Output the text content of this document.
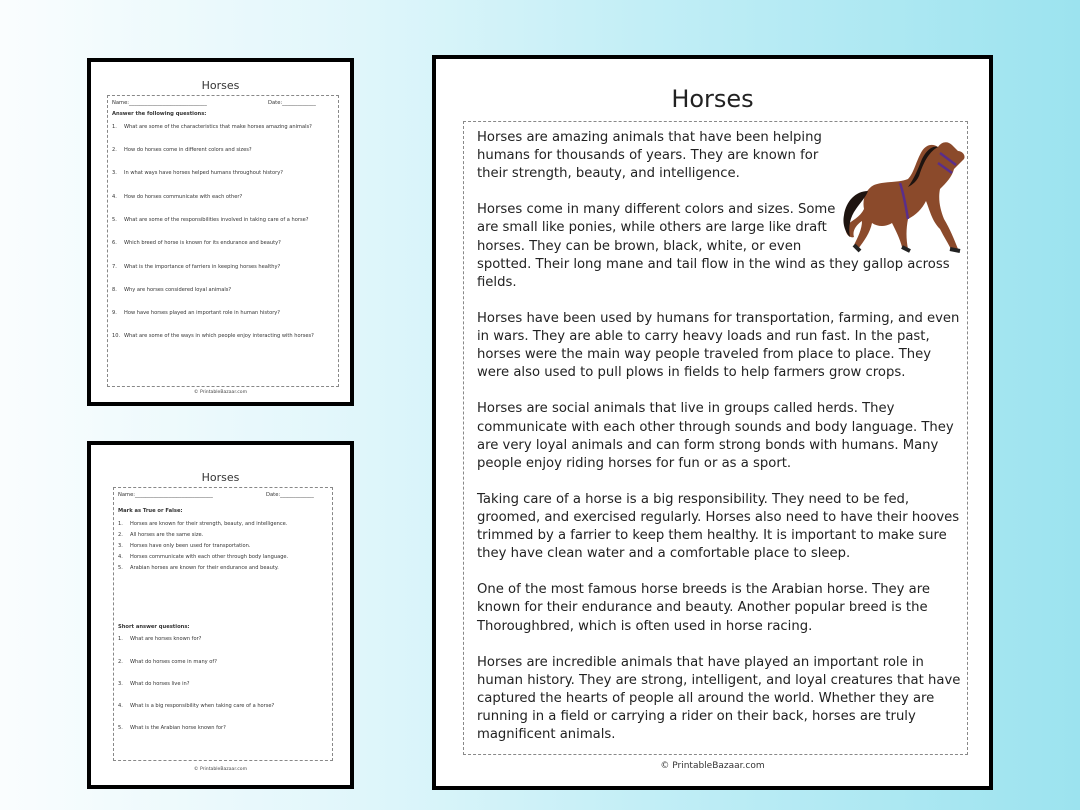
Horses
Name:______________________________	Date:_____________
Answer the following questions:
1. What are some of the characteristics that make horses amazing animals?
2. How do horses come in different colors and sizes?
3. In what ways have horses helped humans throughout history?
4. How do horses communicate with each other?
5. What are some of the responsibilities involved in taking care of a horse?
6. Which breed of horse is known for its endurance and beauty?
7. What is the importance of farriers in keeping horses healthy?
8. Why are horses considered loyal animals?
9. How have horses played an important role in human history?
10. What are some of the ways in which people enjoy interacting with horses?
© PrintableBazaar.com
Horses
Name:______________________________	Date:_____________
Mark as True or False:
1. Horses are known for their strength, beauty, and intelligence.
2. All horses are the same size.
3. Horses have only been used for transportation.
4. Horses communicate with each other through body language.
5. Arabian horses are known for their endurance and beauty.
Short answer questions:
1. What are horses known for?
2. What do horses come in many of?
3. What do horses live in?
4. What is a big responsibility when taking care of a horse?
5. What is the Arabian horse known for?
© PrintableBazaar.com
Horses

Horses are amazing animals that have been helping humans for thousands of years. They are known for their strength, beauty, and intelligence.

Horses come in many different colors and sizes. Some are small like ponies, while others are large like draft horses. They can be brown, black, white, or even spotted. Their long mane and tail flow in the wind as they gallop across fields.

Horses have been used by humans for transportation, farming, and even in wars. They are able to carry heavy loads and run fast. In the past, horses were the main way people traveled from place to place. They were also used to pull plows in fields to help farmers grow crops.

Horses are social animals that live in groups called herds. They communicate with each other through sounds and body language. They are very loyal animals and can form strong bonds with humans. Many people enjoy riding horses for fun or as a sport.

Taking care of a horse is a big responsibility. They need to be fed, groomed, and exercised regularly. Horses also need to have their hooves trimmed by a farrier to keep them healthy. It is important to make sure they have clean water and a comfortable place to sleep.

One of the most famous horse breeds is the Arabian horse. They are known for their endurance and beauty. Another popular breed is the Thoroughbred, which is often used in horse racing.

Horses are incredible animals that have played an important role in human history. They are strong, intelligent, and loyal creatures that have captured the hearts of people all around the world. Whether they are running in a field or carrying a rider on their back, horses are truly magnificent animals.

© PrintableBazaar.com
